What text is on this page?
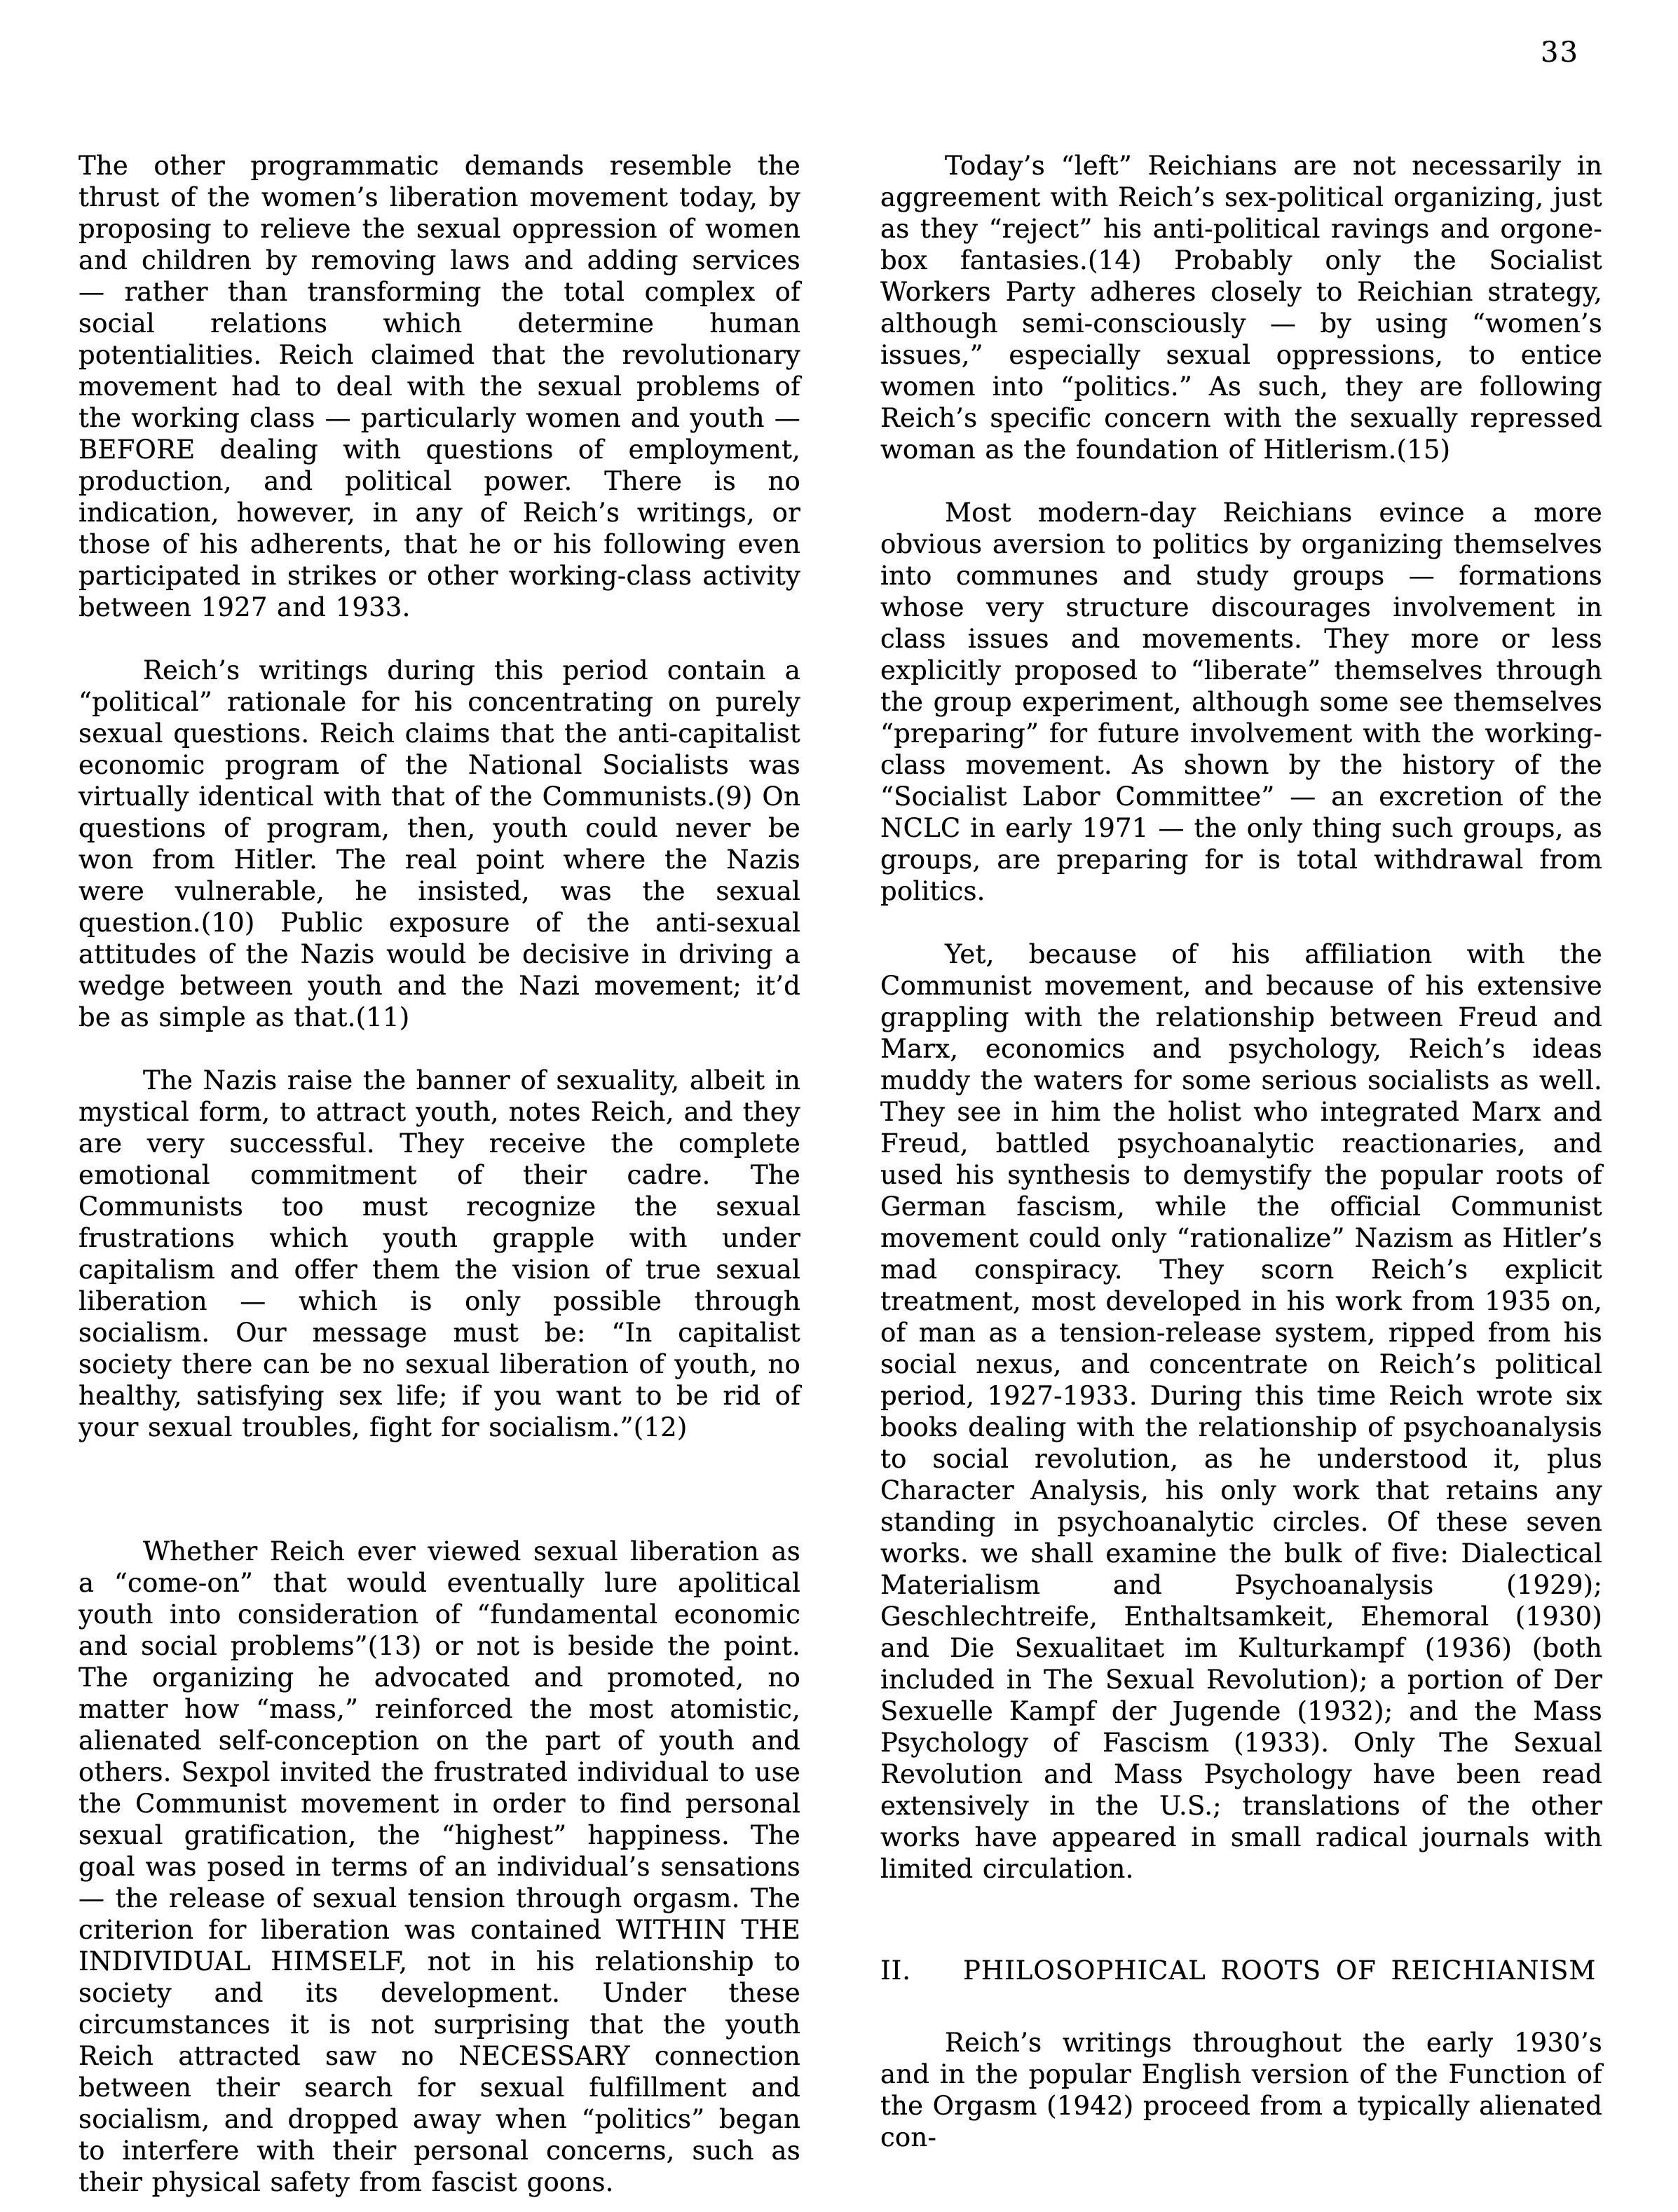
33

The other programmatic demands resemble the thrust of the women’s liberation movement today, by proposing to relieve the sexual oppression of women and children by removing laws and adding services — rather than transforming the total complex of social relations which determine human potentialities. Reich claimed that the revolutionary movement had to deal with the sexual problems of the working class — particularly women and youth — BEFORE dealing with questions of employment, production, and political power. There is no indication, however, in any of Reich’s writings, or those of his adherents, that he or his following even participated in strikes or other working-class activity between 1927 and 1933.

Reich’s writings during this period contain a “political” rationale for his concentrating on purely sexual questions. Reich claims that the anti-capitalist economic program of the National Socialists was virtually identical with that of the Communists.(9) On questions of program, then, youth could never be won from Hitler. The real point where the Nazis were vulnerable, he insisted, was the sexual question.(10) Public exposure of the anti-sexual attitudes of the Nazis would be decisive in driving a wedge between youth and the Nazi movement; it’d be as simple as that.(11)

The Nazis raise the banner of sexuality, albeit in mystical form, to attract youth, notes Reich, and they are very successful. They receive the complete emotional commitment of their cadre. The Communists too must recognize the sexual frustrations which youth grapple with under capitalism and offer them the vision of true sexual liberation — which is only possible through socialism. Our message must be: “In capitalist society there can be no sexual liberation of youth, no healthy, satisfying sex life; if you want to be rid of your sexual troubles, fight for socialism.”(12)

Whether Reich ever viewed sexual liberation as a “come-on” that would eventually lure apolitical youth into consideration of “fundamental economic and social problems”(13) or not is beside the point. The organizing he advocated and promoted, no matter how “mass,” reinforced the most atomistic, alienated self-conception on the part of youth and others. Sexpol invited the frustrated individual to use the Communist movement in order to find personal sexual gratification, the “highest” happiness. The goal was posed in terms of an individual’s sensations — the release of sexual tension through orgasm. The criterion for liberation was contained WITHIN THE INDIVIDUAL HIMSELF, not in his relationship to society and its development. Under these circumstances it is not surprising that the youth Reich attracted saw no NECESSARY connection between their search for sexual fulfillment and socialism, and dropped away when “politics” began to interfere with their personal concerns, such as their physical safety from fascist goons.

Today’s “left” Reichians are not necessarily in aggreement with Reich’s sex-political organizing, just as they “reject” his anti-political ravings and orgone-box fantasies.(14) Probably only the Socialist Workers Party adheres closely to Reichian strategy, although semi-consciously — by using “women’s issues,” especially sexual oppressions, to entice women into “politics.” As such, they are following Reich’s specific concern with the sexually repressed woman as the foundation of Hitlerism.(15)

Most modern-day Reichians evince a more obvious aversion to politics by organizing themselves into communes and study groups — formations whose very structure discourages involvement in class issues and movements. They more or less explicitly proposed to “liberate” themselves through the group experiment, although some see themselves “preparing” for future involvement with the working-class movement. As shown by the history of the “Socialist Labor Committee” — an excretion of the NCLC in early 1971 — the only thing such groups, as groups, are preparing for is total withdrawal from politics.

Yet, because of his affiliation with the Communist movement, and because of his extensive grappling with the relationship between Freud and Marx, economics and psychology, Reich’s ideas muddy the waters for some serious socialists as well. They see in him the holist who integrated Marx and Freud, battled psychoanalytic reactionaries, and used his synthesis to demystify the popular roots of German fascism, while the official Communist movement could only “rationalize” Nazism as Hitler’s mad conspiracy. They scorn Reich’s explicit treatment, most developed in his work from 1935 on, of man as a tension-release system, ripped from his social nexus, and concentrate on Reich’s political period, 1927-1933. During this time Reich wrote six books dealing with the relationship of psychoanalysis to social revolution, as he understood it, plus Character Analysis, his only work that retains any standing in psychoanalytic circles. Of these seven works. we shall examine the bulk of five: Dialectical Materialism and Psychoanalysis (1929); Geschlechtreife, Enthaltsamkeit, Ehemoral (1930) and Die Sexualitaet im Kulturkampf (1936) (both included in The Sexual Revolution); a portion of Der Sexuelle Kampf der Jugende (1932); and the Mass Psychology of Fascism (1933). Only The Sexual Revolution and Mass Psychology have been read extensively in the U.S.; translations of the other works have appeared in small radical journals with limited circulation.

II. PHILOSOPHICAL ROOTS OF REICHIANISM

Reich’s writings throughout the early 1930’s and in the popular English version of the Function of the Orgasm (1942) proceed from a typically alienated con-
